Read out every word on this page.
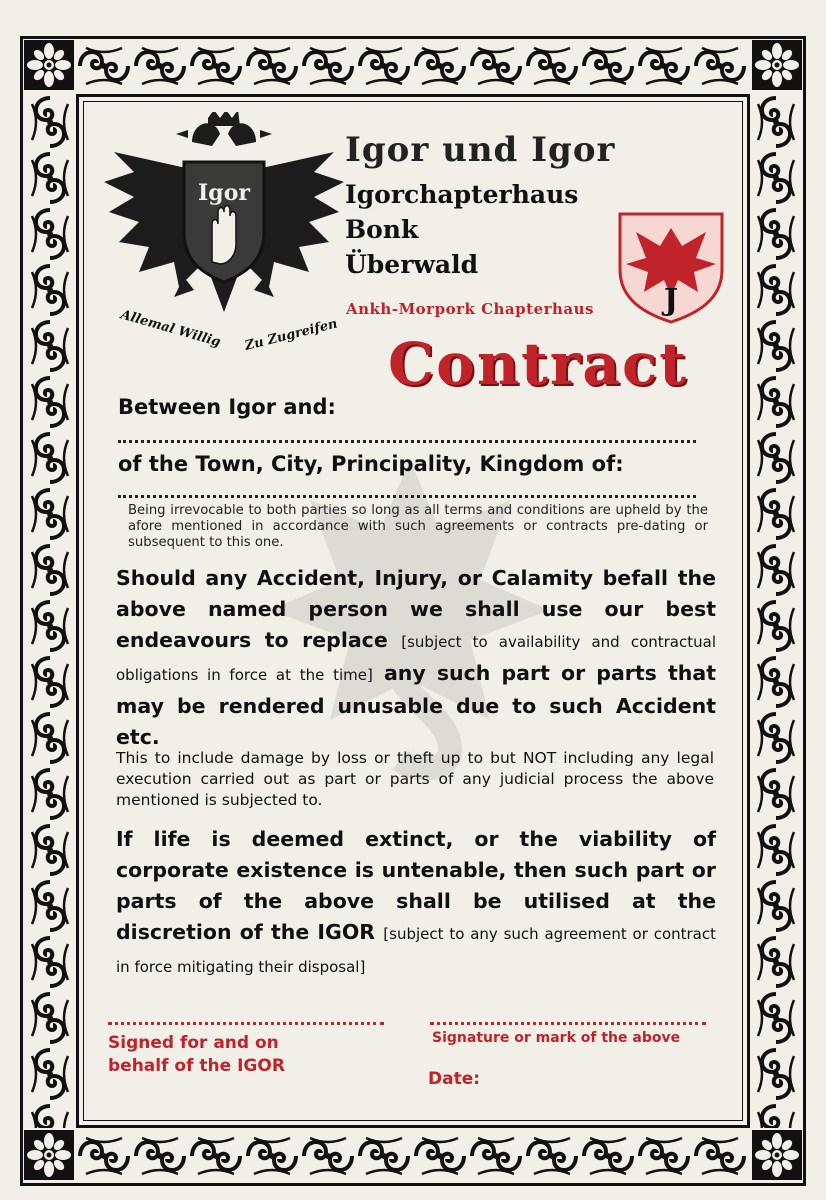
Igor
Allemal Willig Zu Zugreifen
Igor und Igor
Igorchapterhaus
Bonk
Überwald
Ankh-Morpork Chapterhaus J
Contract
Between Igor and:
of the Town, City, Principality, Kingdom of:
Being irrevocable to both parties so long as all terms and conditions are upheld by the afore mentioned in accordance with such agreements or contracts pre-dating or subsequent to this one.
Should any Accident, Injury, or Calamity befall the above named person we shall use our best endeavours to replace [subject to availability and contractual obligations in force at the time] any such part or parts that may be rendered unusable due to such Accident etc.
This to include damage by loss or theft up to but NOT including any legal execution carried out as part or parts of any judicial process the above mentioned is subjected to.
If life is deemed extinct, or the viability of corporate existence is untenable, then such part or parts of the above shall be utilised at the discretion of the IGOR [subject to any such agreement or contract in force mitigating their disposal]
Signed for and on
behalf of the IGOR
Signature or mark of the above
Date:
